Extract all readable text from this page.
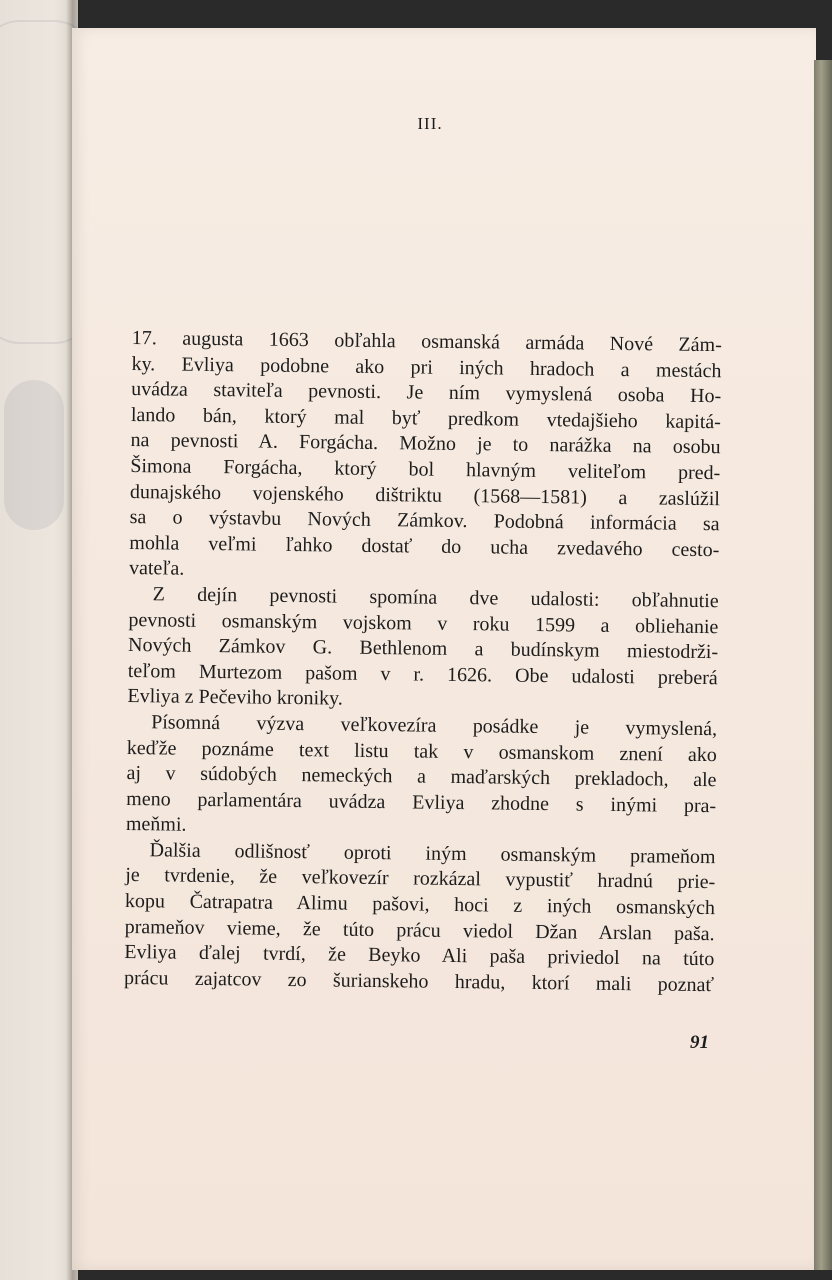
III.
17. augusta 1663 obľahla osmanská armáda Nové Zám-
ky. Evliya podobne ako pri iných hradoch a mestách
uvádza staviteľa pevnosti. Je ním vymyslená osoba Ho-
lando bán, ktorý mal byť predkom vtedajšieho kapitá-
na pevnosti A. Forgácha. Možno je to narážka na osobu
Šimona Forgácha, ktorý bol hlavným veliteľom pred-
dunajského vojenského dištriktu (1568—1581) a zaslúžil
sa o výstavbu Nových Zámkov. Podobná informácia sa
mohla veľmi ľahko dostať do ucha zvedavého cesto-
vateľa.
Z dejín pevnosti spomína dve udalosti: obľahnutie
pevnosti osmanským vojskom v roku 1599 a obliehanie
Nových Zámkov G. Bethlenom a budínskym miestodrži-
teľom Murtezom pašom v r. 1626. Obe udalosti preberá
Evliya z Pečeviho kroniky.
Písomná výzva veľkovezíra posádke je vymyslená,
keďže poznáme text listu tak v osmanskom znení ako
aj v súdobých nemeckých a maďarských prekladoch, ale
meno parlamentára uvádza Evliya zhodne s inými pra-
meňmi.
Ďalšia odlišnosť oproti iným osmanským prameňom
je tvrdenie, že veľkovezír rozkázal vypustiť hradnú prie-
kopu Čatrapatra Alimu pašovi, hoci z iných osmanských
prameňov vieme, že túto prácu viedol Džan Arslan paša.
Evliya ďalej tvrdí, že Beyko Ali paša priviedol na túto
prácu zajatcov zo šurianskeho hradu, ktorí mali poznať
91
